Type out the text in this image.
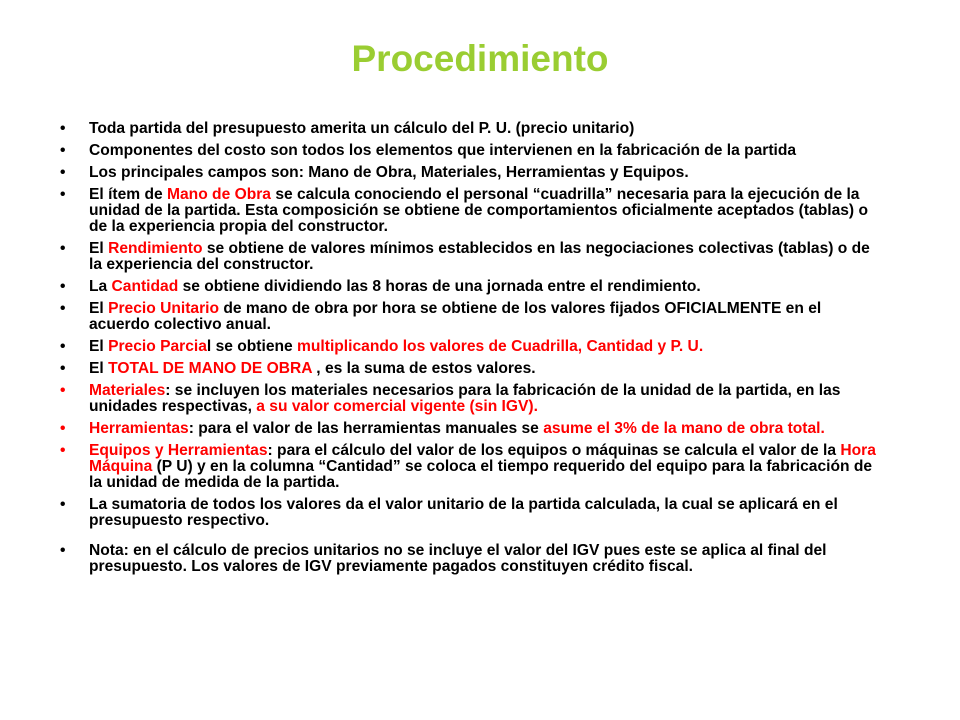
Procedimiento
• Toda partida del presupuesto amerita un cálculo del P. U. (precio unitario)
• Componentes del costo son todos los elementos que intervienen en la fabricación de la partida
• Los principales campos son: Mano de Obra, Materiales, Herramientas y Equipos.
• El ítem de Mano de Obra se calcula conociendo el personal “cuadrilla” necesaria para la ejecución de la unidad de la partida. Esta composición se obtiene de comportamientos oficialmente aceptados (tablas) o de la experiencia propia del constructor.
• El Rendimiento se obtiene de valores mínimos establecidos en las negociaciones colectivas (tablas) o de la experiencia del constructor.
• La Cantidad se obtiene dividiendo las 8 horas de una jornada entre el rendimiento.
• El Precio Unitario de mano de obra por hora se obtiene de los valores fijados OFICIALMENTE en el acuerdo colectivo anual.
• El Precio Parcial se obtiene multiplicando los valores de Cuadrilla, Cantidad y P. U.
• El TOTAL DE MANO DE OBRA , es la suma de estos valores.
• Materiales: se incluyen los materiales necesarios para la fabricación de la unidad de la partida, en las unidades respectivas, a su valor comercial vigente (sin IGV).
• Herramientas: para el valor de las herramientas manuales se asume el 3% de la mano de obra total.
• Equipos y Herramientas: para el cálculo del valor de los equipos o máquinas se calcula el valor de la Hora Máquina (P U) y en la columna “Cantidad” se coloca el tiempo requerido del equipo para la fabricación de la unidad de medida de la partida.
• La sumatoria de todos los valores da el valor unitario de la partida calculada, la cual se aplicará en el presupuesto respectivo.
• Nota: en el cálculo de precios unitarios no se incluye el valor del IGV pues este se aplica al final del presupuesto. Los valores de IGV previamente pagados constituyen crédito fiscal.
